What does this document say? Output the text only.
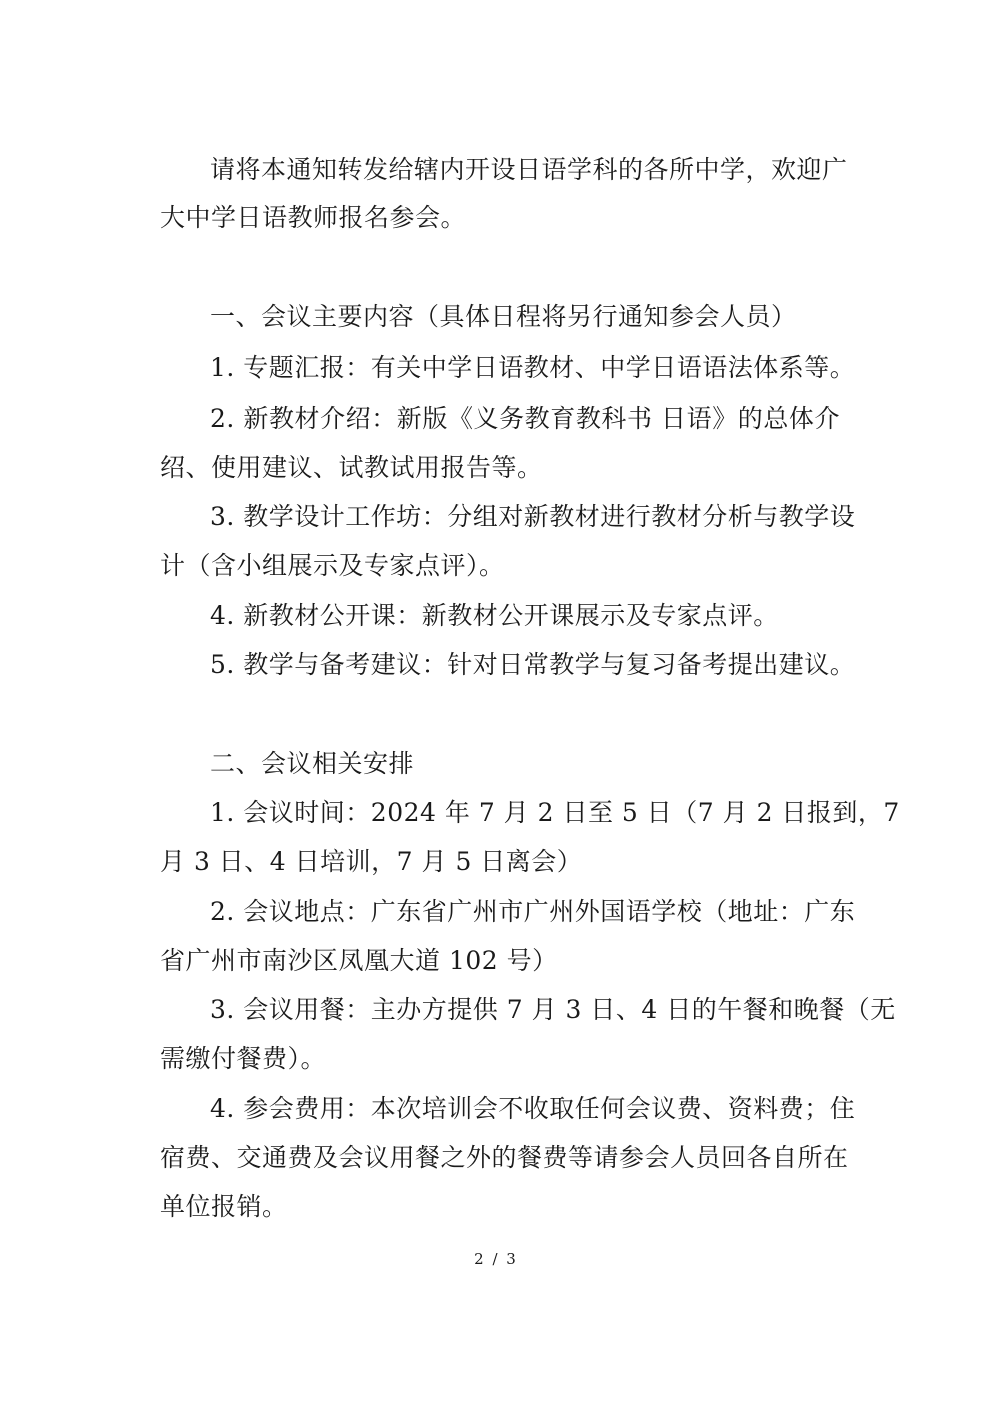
请将本通知转发给辖内开设日语学科的各所中学，欢迎广
大中学日语教师报名参会。
一、会议主要内容（具体日程将另行通知参会人员）
1. 专题汇报：有关中学日语教材、中学日语语法体系等。
2. 新教材介绍：新版《义务教育教科书 日语》的总体介
绍、使用建议、试教试用报告等。
3. 教学设计工作坊：分组对新教材进行教材分析与教学设
计（含小组展示及专家点评）。
4. 新教材公开课：新教材公开课展示及专家点评。
5. 教学与备考建议：针对日常教学与复习备考提出建议。
二、会议相关安排
1. 会议时间：2024 年 7 月 2 日至 5 日（7 月 2 日报到，7
月 3 日、4 日培训，7 月 5 日离会）
2. 会议地点：广东省广州市广州外国语学校（地址：广东
省广州市南沙区凤凰大道 102 号）
3. 会议用餐：主办方提供 7 月 3 日、4 日的午餐和晚餐（无
需缴付餐费）。
4. 参会费用：本次培训会不收取任何会议费、资料费；住
宿费、交通费及会议用餐之外的餐费等请参会人员回各自所在
单位报销。
2 / 3
